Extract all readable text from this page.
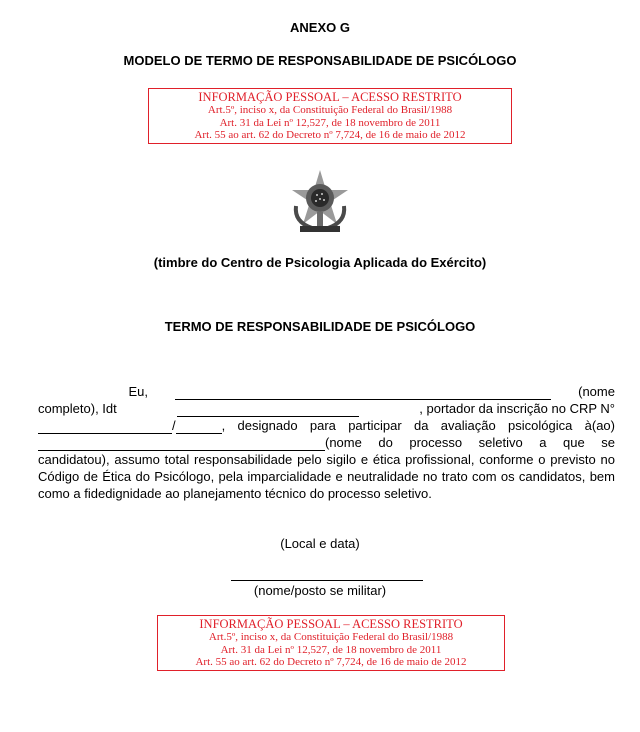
ANEXO G
MODELO DE TERMO DE RESPONSABILIDADE DE PSICÓLOGO
INFORMAÇÃO PESSOAL – ACESSO RESTRITO
Art.5º, inciso x, da Constituição Federal do Brasil/1988
Art. 31 da Lei nº 12,527, de 18 novembro de 2011
Art. 55 ao art. 62 do Decreto nº 7,724, de 16 de maio de 2012
(timbre do Centro de Psicologia Aplicada do Exército)
TERMO DE RESPONSABILIDADE DE PSICÓLOGO
Eu,	(nome
completo), Idt	, portador da inscrição no CRP N°
/	, designado para participar da avaliação psicológica à(ao)
(nome do processo seletivo a que se
candidatou), assumo total responsabilidade pelo sigilo e ética profissional, conforme o previsto no Código de Ética do Psicólogo, pela imparcialidade e neutralidade no trato com os candidatos, bem como a fidedignidade ao planejamento técnico do processo seletivo.
(Local e data)
(nome/posto se militar)
INFORMAÇÃO PESSOAL – ACESSO RESTRITO
Art.5º, inciso x, da Constituição Federal do Brasil/1988
Art. 31 da Lei nº 12,527, de 18 novembro de 2011
Art. 55 ao art. 62 do Decreto nº 7,724, de 16 de maio de 2012
